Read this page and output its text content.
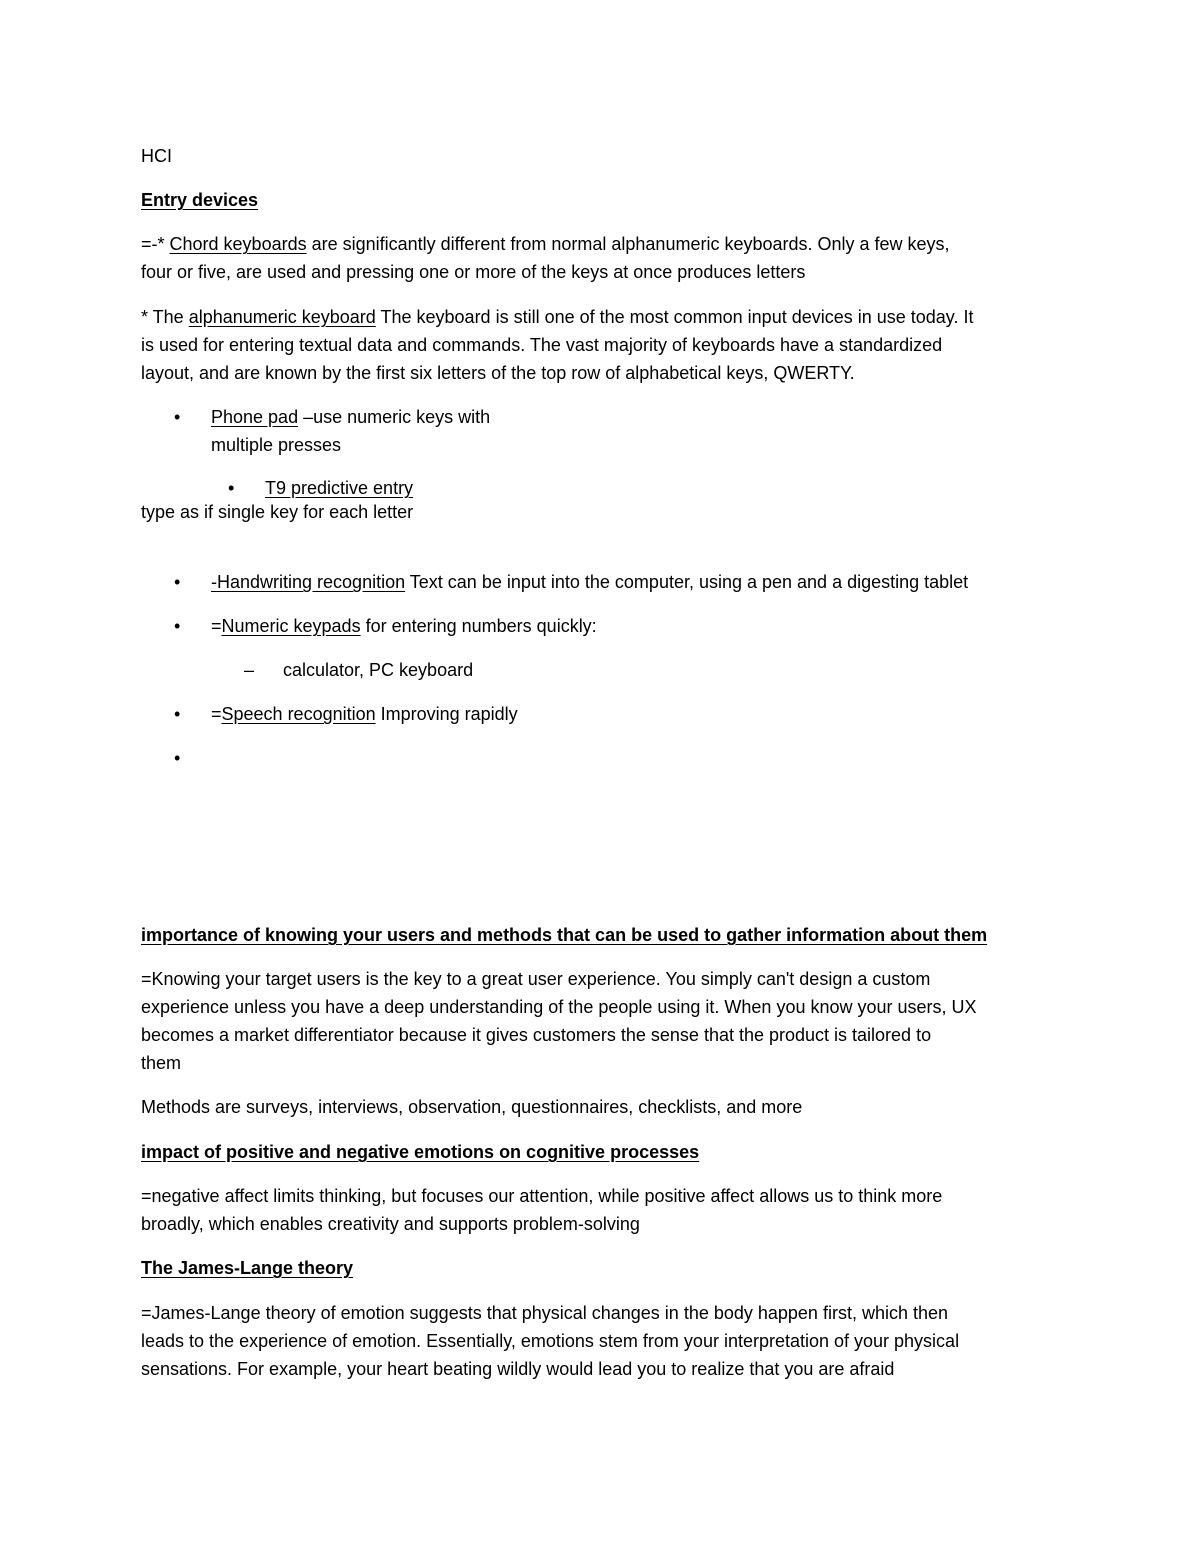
HCI

Entry devices

=-* Chord keyboards are significantly different from normal alphanumeric keyboards. Only a few keys,

four or five, are used and pressing one or more of the keys at once produces letters

* The alphanumeric keyboard The keyboard is still one of the most common input devices in use today. It

is used for entering textual data and commands. The vast majority of keyboards have a standardized

layout, and are known by the first six letters of the top row of alphabetical keys, QWERTY.

• Phone pad –use numeric keys with

multiple presses

• T9 predictive entry

type as if single key for each letter

• -Handwriting recognition Text can be input into the computer, using a pen and a digesting tablet

• =Numeric keypads for entering numbers quickly:

– calculator, PC keyboard

• =Speech recognition Improving rapidly

•

importance of knowing your users and methods that can be used to gather information about them

=Knowing your target users is the key to a great user experience. You simply can't design a custom

experience unless you have a deep understanding of the people using it. When you know your users, UX

becomes a market differentiator because it gives customers the sense that the product is tailored to

them

Methods are surveys, interviews, observation, questionnaires, checklists, and more

impact of positive and negative emotions on cognitive processes

=negative affect limits thinking, but focuses our attention, while positive affect allows us to think more

broadly, which enables creativity and supports problem-solving

The James-Lange theory

=James-Lange theory of emotion suggests that physical changes in the body happen first, which then

leads to the experience of emotion. Essentially, emotions stem from your interpretation of your physical

sensations. For example, your heart beating wildly would lead you to realize that you are afraid
